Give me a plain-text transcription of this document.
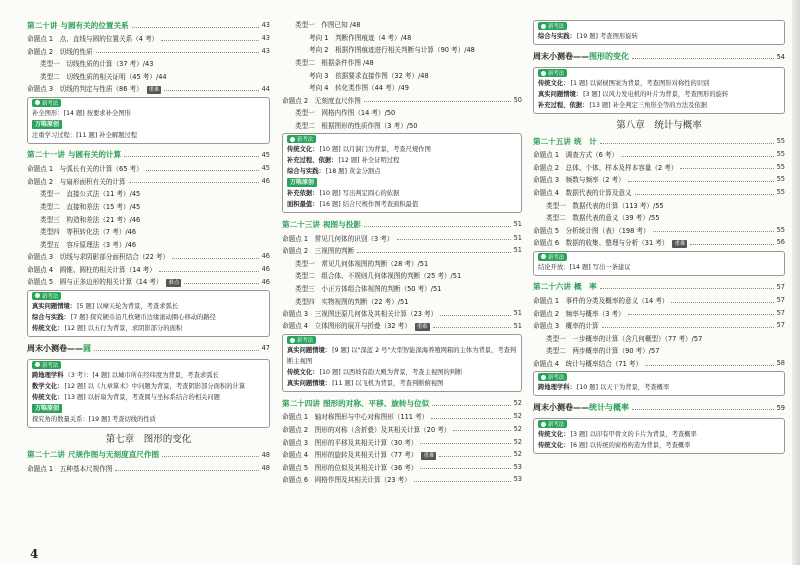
第二十讲 与圆有关的位置关系	43
命题点 1　点、直线与圆的位置关系（4 考）	43
命题点 2　切线的性质	43
类型一　切线性质的计算（37 考）/43
类型二　切线性质的相关证明（45 考）/44
命题点 3　切线的判定与性质（86 考） 重难	44
新考法
补全图形：[14 题] 按要求补全图形
万唯原创
注重学习过程：[11 题] 补全解题过程
第二十一讲 与圆有关的计算	45
命题点 1　与弧长有关的计算（65 考）	45
命题点 2　与扇形面积有关的计算	46
类型一　直接公式法（11 考）/45
类型二　直接和差法（15 考）/45
类型三　构造和差法（21 考）/46
类型四　等积转化法（7 考）/46
类型五　容斥原理法（3 考）/46
命题点 3　切线与求阴影部分面积结合（22 考）	46
命题点 4　圆锥、圆柱的相关计算（14 考）	46
命题点 5　圆与正多边形的相关计算（14 考） 难点	46
新考法
真实问题情境：[5 题] 以摩天轮为背景，考查求弧长
综合与实践：[7 题] 探究硬币沿几枚硬币边缘滚动圈心移动的路径
传统文化：[12 题] 以五行为背景，求阴影部分的面积
周末小测卷——圆	47
新考法
跨地理学科（3 考）：[4 题] 以城市所在经纬度为背景，考查求弧长
数学文化：[12 题] 以《九章算术》中问题为背景，考查阴影部分面积的计算
传统文化：[13 题] 以折扇为背景，考查圆与坐标系结合的相关问题
万唯原创
探究角的数量关系：[19 题] 考查切线的性质
第七章　图形的变化
第二十二讲 尺规作图与无刻度直尺作图	48
命题点 1　五种基本尺规作图	48
类型一　作图已知 /48
考向 1　判断作图痕迹（4 考）/48
考向 2　根据作图痕迹进行相关判断与计算（90 考）/48
类型二　根据条件作图 /48
考向 3　依据要求直接作图（32 考）/48
考向 4　转化类作图（44 考）/49
命题点 2　无刻度直尺作图	50
类型一　网格内作图（14 考）/50
类型二　根据图形的性质作图（3 考）/50
新考法
传统文化：[10 题] 以月洞门为背景，考查尺规作图
补充过程、依据：[12 题] 补全证明过程
综合与实践：[18 题] 黄金分割点
万唯原创
补充依据：[10 题] 写出判定圆心的依据
面积最值：[16 题] 结合尺规作图考查面积最值
第二十三讲 视图与投影	51
命题点 1　常见几何体的识别（3 考）	51
命题点 2　三视图的判断	51
类型一　常见几何体视图的判断（28 考）/51
类型二　组合体、不规则几何体视图的判断（25 考）/51
类型三　小正方体组合体视图的判断（50 考）/51
类型四　实物视图的判断（22 考）/51
命题点 3　三视图还原几何体及其相关计算（23 考）	51
命题点 4　立体图形的展开与折叠（32 考） 重难	51
新考法
真实问题情境：[9 题] 以"深蓝 2 号"大型智能深海养殖网箱的主体为背景，考查判断主视图
传统文化：[10 题] 以西坡有韵大殿为背景，考查主视图的判断
真实问题情境：[11 题] 以飞机为背景，考查判断俯视图
第二十四讲 图形的对称、平移、旋转与位似	52
命题点 1　轴对称图形与中心对称图形（111 考）	52
命题点 2　图形的对称（含折叠）及其相关计算（20 考）	52
命题点 3　图形的平移及其相关计算（30 考）	52
命题点 4　图形的旋转及其相关计算（77 考） 重难	52
命题点 5　图形的位似及其相关计算（36 考）	53
命题点 6　网格作图及其相关计算（23 考）	53
新考法
综合与实践：[19 题] 考查图形旋转
周末小测卷——图形的变化	54
新考法
传统文化：[1 题] 以窗棂图案为背景，考查图形对称性的识别
真实问题情境：[3 题] 以风力发电机的叶片为背景，考查图形的旋转
补充过程、依据：[13 题] 补全判定三角形全等的方法及依据
第八章　统计与概率
第二十五讲 统　计	55
命题点 1　调查方式（6 考）	55
命题点 2　总体、个体、样本及样本容量（2 考）	55
命题点 3　频数与频率（2 考）	55
命题点 4　数据代表的计算及意义	55
类型一　数据代表的计算（113 考）/55
类型二　数据代表的意义（39 考）/55
命题点 5　分析统计图（表）（198 考）	55
命题点 6　数据的收集、整理与分析（31 考） 重难	56
新考法
结论开放：[14 题] 写出一条建议
第二十六讲 概　率	57
命题点 1　事件的分类及概率的意义（14 考）	57
命题点 2　频率与概率（3 考）	57
命题点 3　概率的计算	57
类型一　一步概率的计算（含几何概型）（77 考）/57
类型二　两步概率的计算（90 考）/57
命题点 4　统计与概率结合（71 考）	58
新考法
跨地理学科：[10 题] 以天干为背景，考查概率
周末小测卷——统计与概率	59
新考法
传统文化：[3 题] 以印有甲骨文的卡片为背景，考查概率
传统文化：[6 题] 以传统的窗格构造为背景，考查概率
4
